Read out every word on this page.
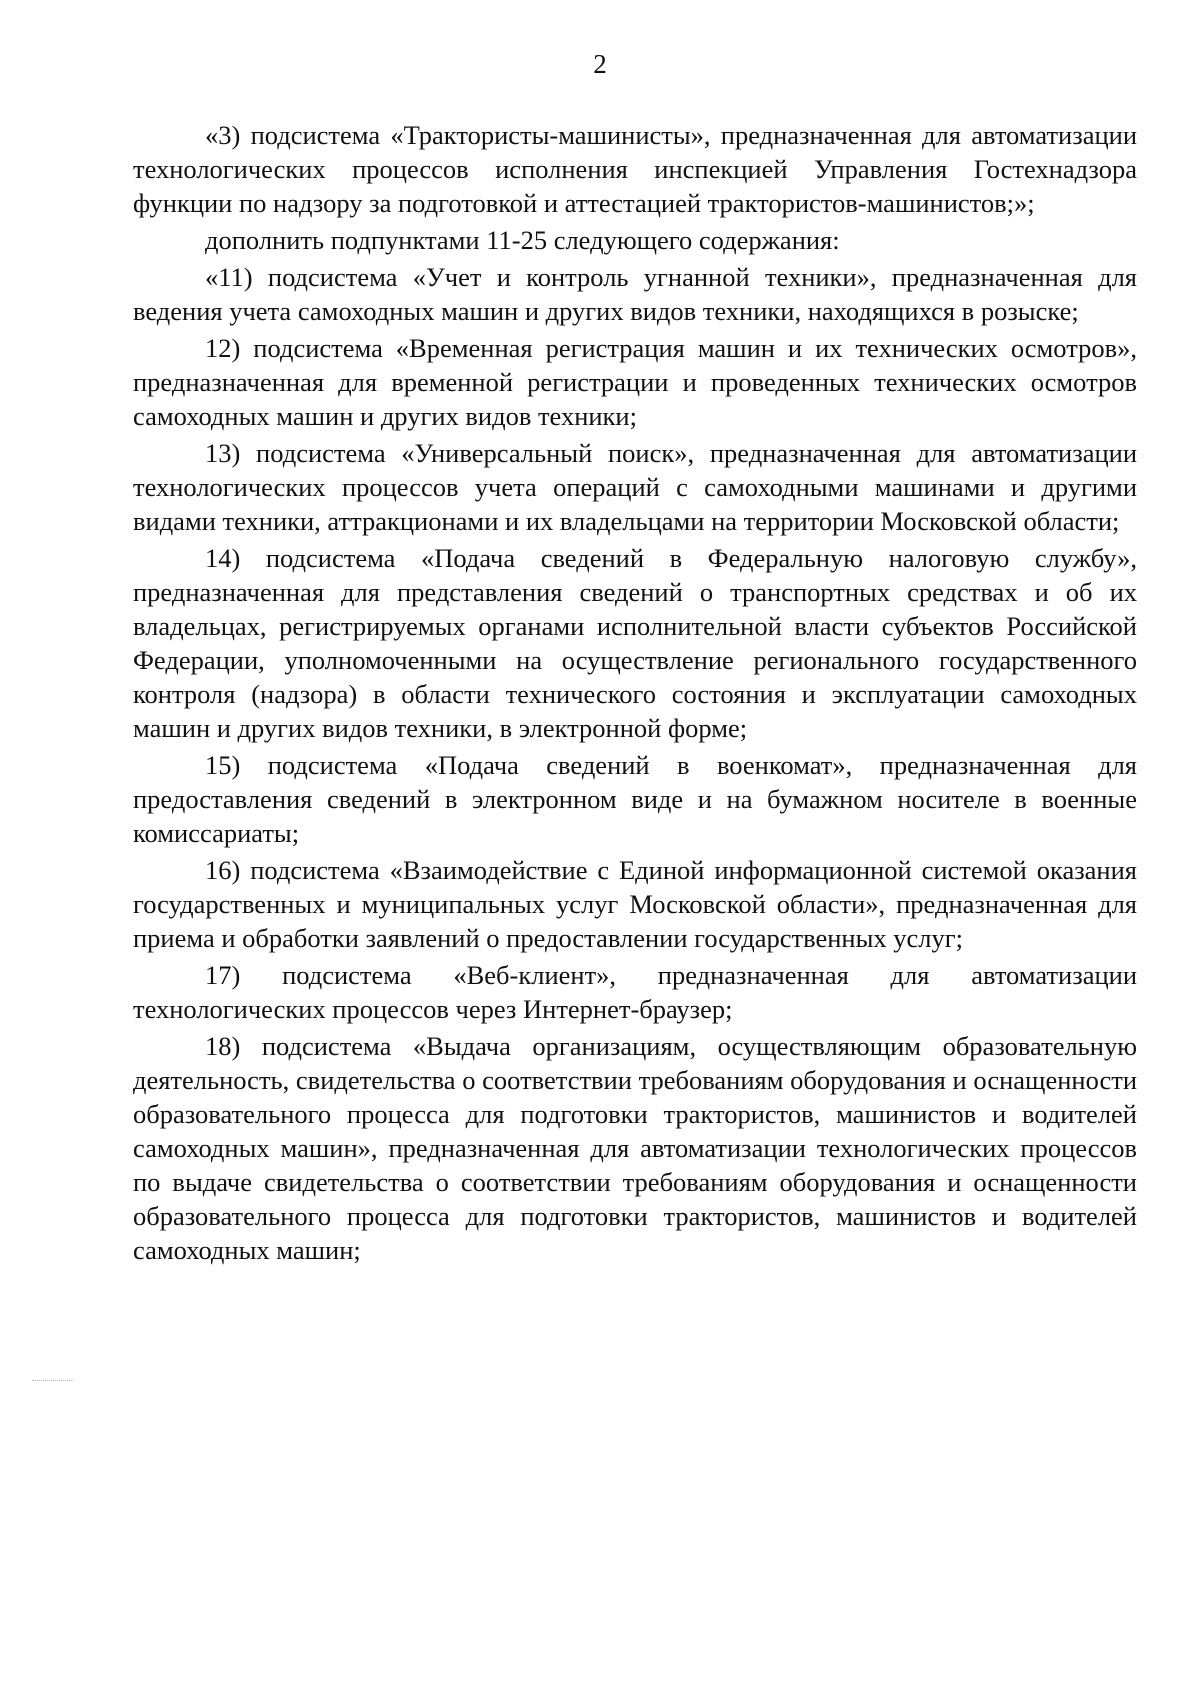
2

«3) подсистема «Трактористы-машинисты», предназначенная для автоматизации технологических процессов исполнения инспекцией Управления Гостехнадзора функции по надзору за подготовкой и аттестацией трактористов-машинистов;»;

дополнить подпунктами 11-25 следующего содержания:

«11) подсистема «Учет и контроль угнанной техники», предназначенная для ведения учета самоходных машин и других видов техники, находящихся в розыске;

12) подсистема «Временная регистрация машин и их технических осмотров», предназначенная для временной регистрации и проведенных технических осмотров самоходных машин и других видов техники;

13) подсистема «Универсальный поиск», предназначенная для автоматизации технологических процессов учета операций с самоходными машинами и другими видами техники, аттракционами и их владельцами на территории Московской области;

14) подсистема «Подача сведений в Федеральную налоговую службу», предназначенная для представления сведений о транспортных средствах и об их владельцах, регистрируемых органами исполнительной власти субъектов Российской Федерации, уполномоченными на осуществление регионального государственного контроля (надзора) в области технического состояния и эксплуатации самоходных машин и других видов техники, в электронной форме;

15) подсистема «Подача сведений в военкомат», предназначенная для предоставления сведений в электронном виде и на бумажном носителе в военные комиссариаты;

16) подсистема «Взаимодействие с Единой информационной системой оказания государственных и муниципальных услуг Московской области», предназначенная для приема и обработки заявлений о предоставлении государственных услуг;

17) подсистема «Веб-клиент», предназначенная для автоматизации технологических процессов через Интернет-браузер;

18) подсистема «Выдача организациям, осуществляющим образовательную деятельность, свидетельства о соответствии требованиям оборудования и оснащенности образовательного процесса для подготовки трактористов, машинистов и водителей самоходных машин», предназначенная для автоматизации технологических процессов по выдаче свидетельства о соответствии требованиям оборудования и оснащенности образовательного процесса для подготовки трактористов, машинистов и водителей самоходных машин;
